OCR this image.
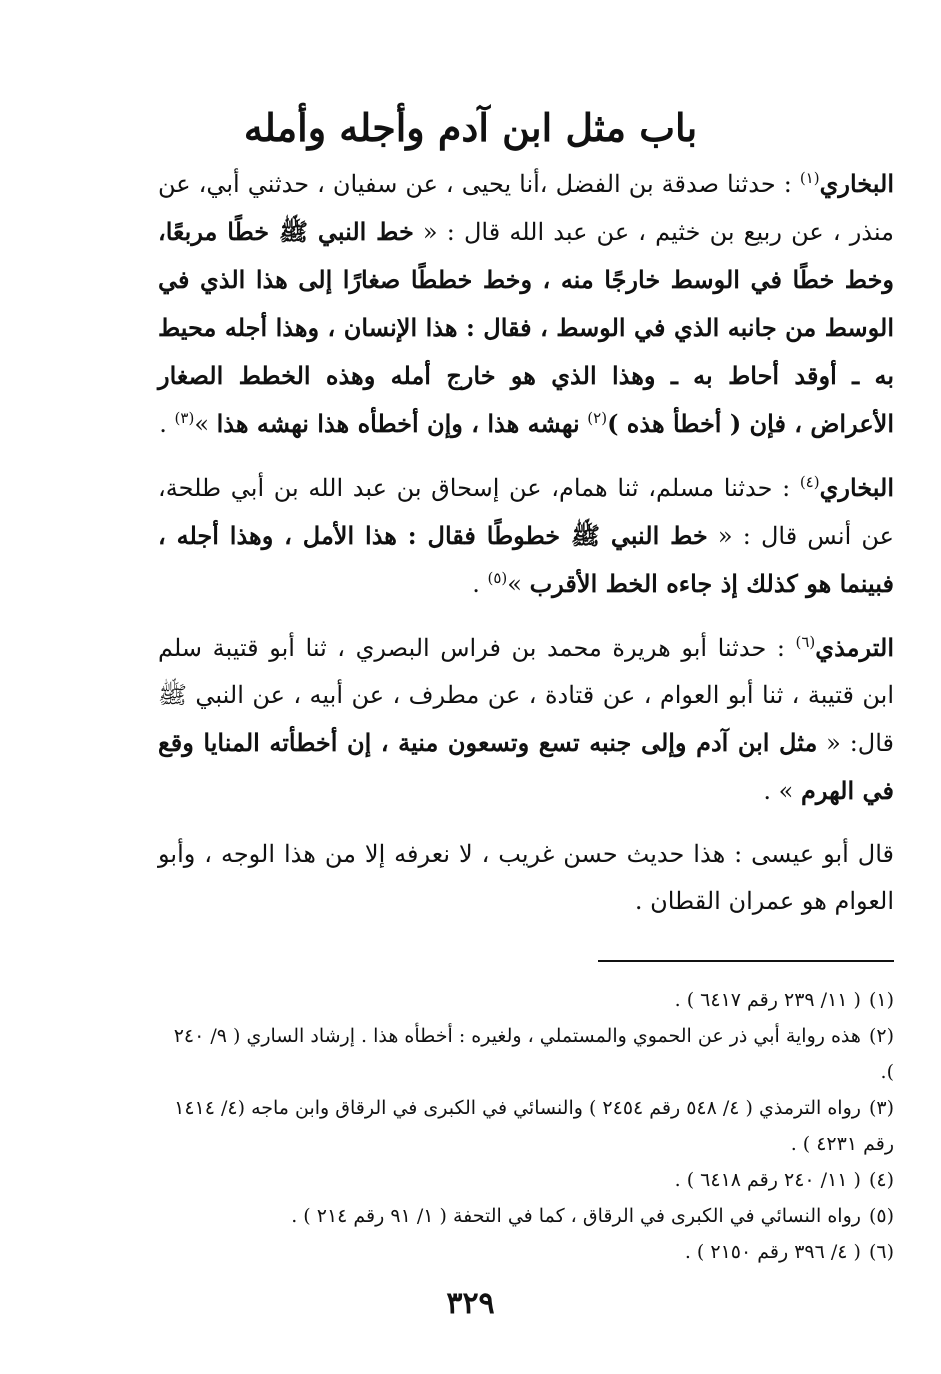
باب مثل ابن آدم وأجله وأمله

البخاري$^{(١)}$ : حدثنا صدقة بن الفضل ،أنا يحيى ، عن سفيان ، حدثني أبي، عن منذر ، عن ربيع بن خثيم ، عن عبد الله قال : « خط النبي ﷺ خطًا مربعًا، وخط خطًا في الوسط خارجًا منه ، وخط خططًا صغارًا إلى هذا الذي في الوسط من جانبه الذي في الوسط ، فقال : هذا الإنسان ، وهذا أجله محيط به ـ أوقد أحاط به ـ وهذا الذي هو خارج أمله وهذه الخطط الصغار الأعراض ، فإن ( أخطأ هذه )$^{(٢)}$ نهشه هذا ، وإن أخطأه هذا نهشه هذا »$^{(٣)}$ .

البخاري$^{(٤)}$ : حدثنا مسلم، ثنا همام، عن إسحاق بن عبد الله بن أبي طلحة، عن أنس قال : « خط النبي ﷺ خطوطًا فقال : هذا الأمل ، وهذا أجله ، فبينما هو كذلك إذ جاءه الخط الأقرب »$^{(٥)}$ .

الترمذي$^{(٦)}$ : حدثنا أبو هريرة محمد بن فراس البصري ، ثنا أبو قتيبة سلم ابن قتيبة ، ثنا أبو العوام ، عن قتادة ، عن مطرف ، عن أبيه ، عن النبي ﷺ قال: « مثل ابن آدم وإلى جنبه تسع وتسعون منية ، إن أخطأته المنايا وقع في الهرم » .

قال أبو عيسى : هذا حديث حسن غريب ، لا نعرفه إلا من هذا الوجه ، وأبو العوام هو عمران القطان .

(١)( ١١/ ٢٣٩ رقم ٦٤١٧ ) .

(٢)هذه رواية أبي ذر عن الحموي والمستملي ، ولغيره : أخطأه هذا . إرشاد الساري ( ٩/ ٢٤٠ ).

(٣)رواه الترمذي ( ٤/ ٥٤٨ رقم ٢٤٥٤ ) والنسائي في الكبرى في الرقاق وابن ماجه (٤/ ١٤١٤ رقم ٤٢٣١ ) .

(٤)( ١١/ ٢٤٠ رقم ٦٤١٨ ) .

(٥)رواه النسائي في الكبرى في الرقاق ، كما في التحفة ( ١/ ٩١ رقم ٢١٤ ) .

(٦)( ٤/ ٣٩٦ رقم ٢١٥٠ ) .

٣٢٩
